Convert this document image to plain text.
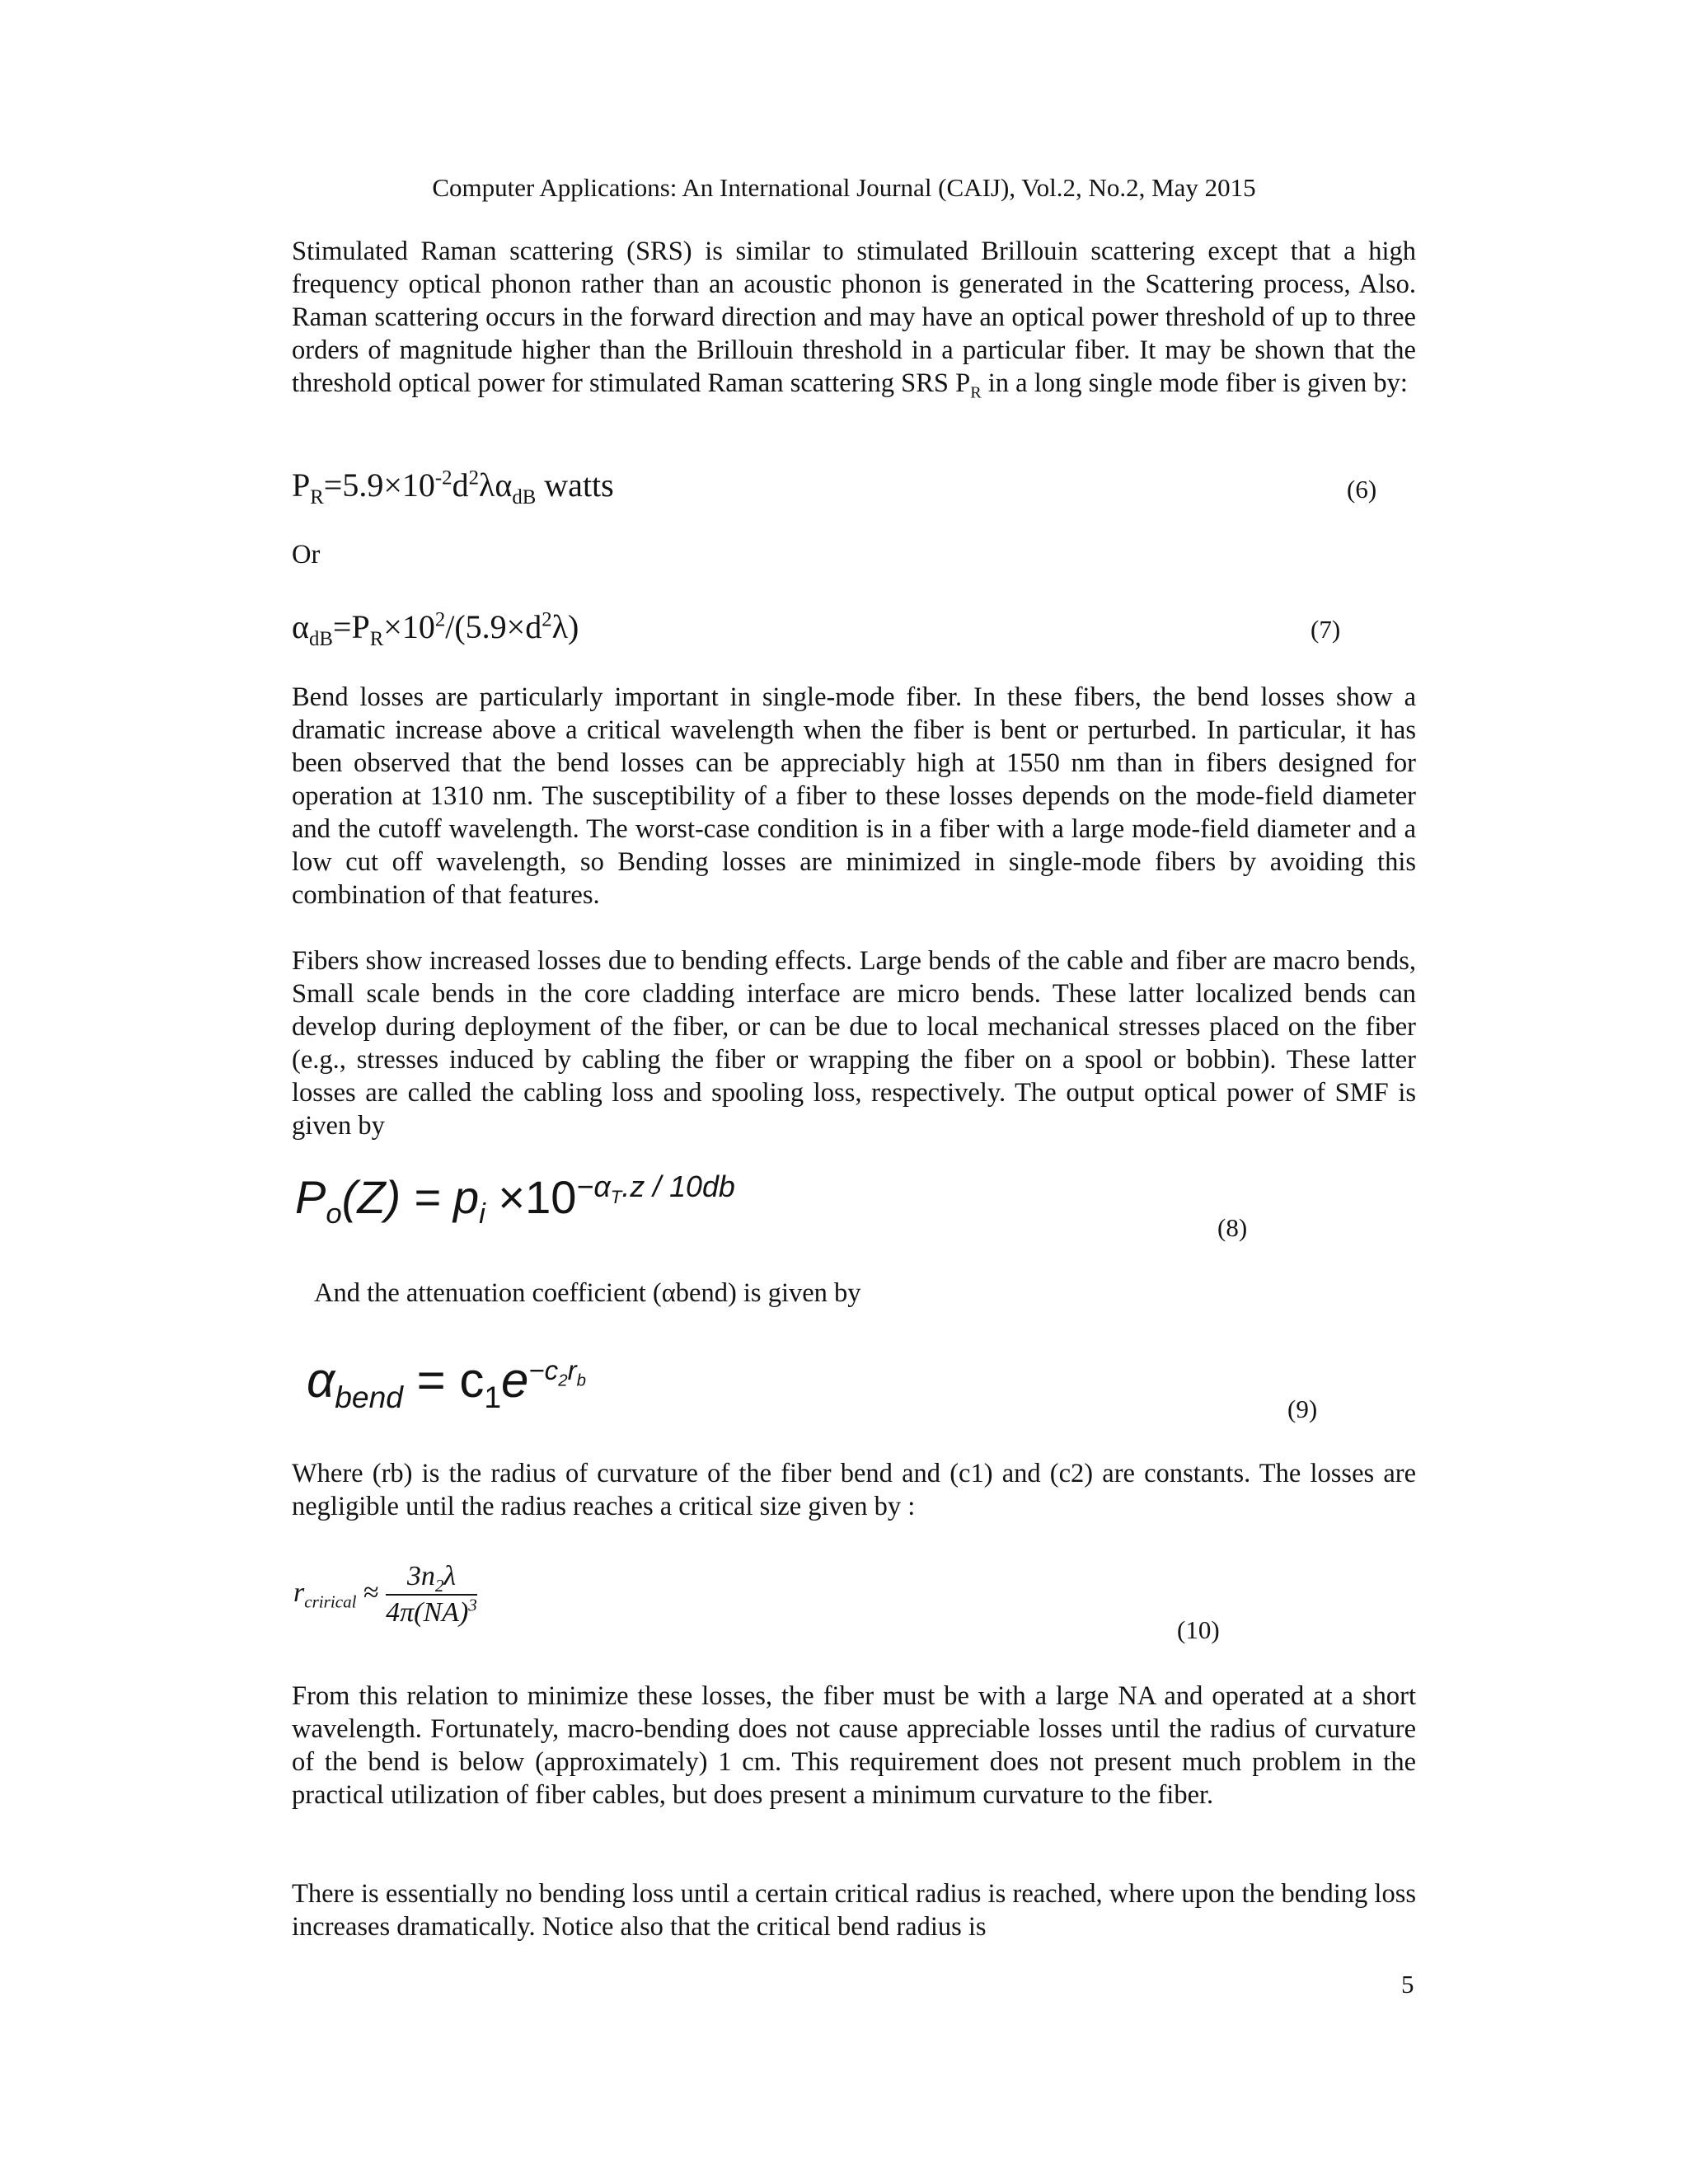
Computer Applications: An International Journal (CAIJ), Vol.2, No.2, May 2015
Stimulated Raman scattering (SRS) is similar to stimulated Brillouin scattering except that a high frequency optical phonon rather than an acoustic phonon is generated in the Scattering process, Also. Raman scattering occurs in the forward direction and may have an optical power threshold of up to three orders of magnitude higher than the Brillouin threshold in a particular fiber. It may be shown that the threshold optical power for stimulated Raman scattering SRS $P_R$ in a long single mode fiber is given by:
$P_R=5.9\times 10^{-2}d^2\lambda\alpha_{dB}$ watts	(6)
Or
$\alpha_{dB}=P_R\times 10^2/(5.9\times d^2\lambda)$	(7)
Bend losses are particularly important in single-mode fiber. In these fibers, the bend losses show a dramatic increase above a critical wavelength when the fiber is bent or perturbed. In particular, it has been observed that the bend losses can be appreciably high at 1550 nm than in fibers designed for operation at 1310 nm. The susceptibility of a fiber to these losses depends on the mode-field diameter and the cutoff wavelength. The worst-case condition is in a fiber with a large mode-field diameter and a low cut off wavelength, so Bending losses are minimized in single-mode fibers by avoiding this combination of that features.
Fibers show increased losses due to bending effects. Large bends of the cable and fiber are macro bends, Small scale bends in the core cladding interface are micro bends. These latter localized bends can develop during deployment of the fiber, or can be due to local mechanical stresses placed on the fiber (e.g., stresses induced by cabling the fiber or wrapping the fiber on a spool or bobbin). These latter losses are called the cabling loss and spooling loss, respectively. The output optical power of SMF is given by
$P_o(Z) = p_i \times 10^{-\alpha_T.z / 10db}$
(8)
And the attenuation coefficient (αbend) is given by
$\alpha_{bend} = c_1e^{-c_2r_b}$
(9)
Where (rb) is the radius of curvature of the fiber bend and (c1) and (c2) are constants. The losses are negligible until the radius reaches a critical size given by :
$r_{crirical} \approx \frac{3n_2\lambda}{4\pi(NA)^3}$
(10)
From this relation to minimize these losses, the fiber must be with a large NA and operated at a short wavelength. Fortunately, macro-bending does not cause appreciable losses until the radius of curvature of the bend is below (approximately) 1 cm. This requirement does not present much problem in the practical utilization of fiber cables, but does present a minimum curvature to the fiber.
There is essentially no bending loss until a certain critical radius is reached, where upon the bending loss increases dramatically. Notice also that the critical bend radius is
5
